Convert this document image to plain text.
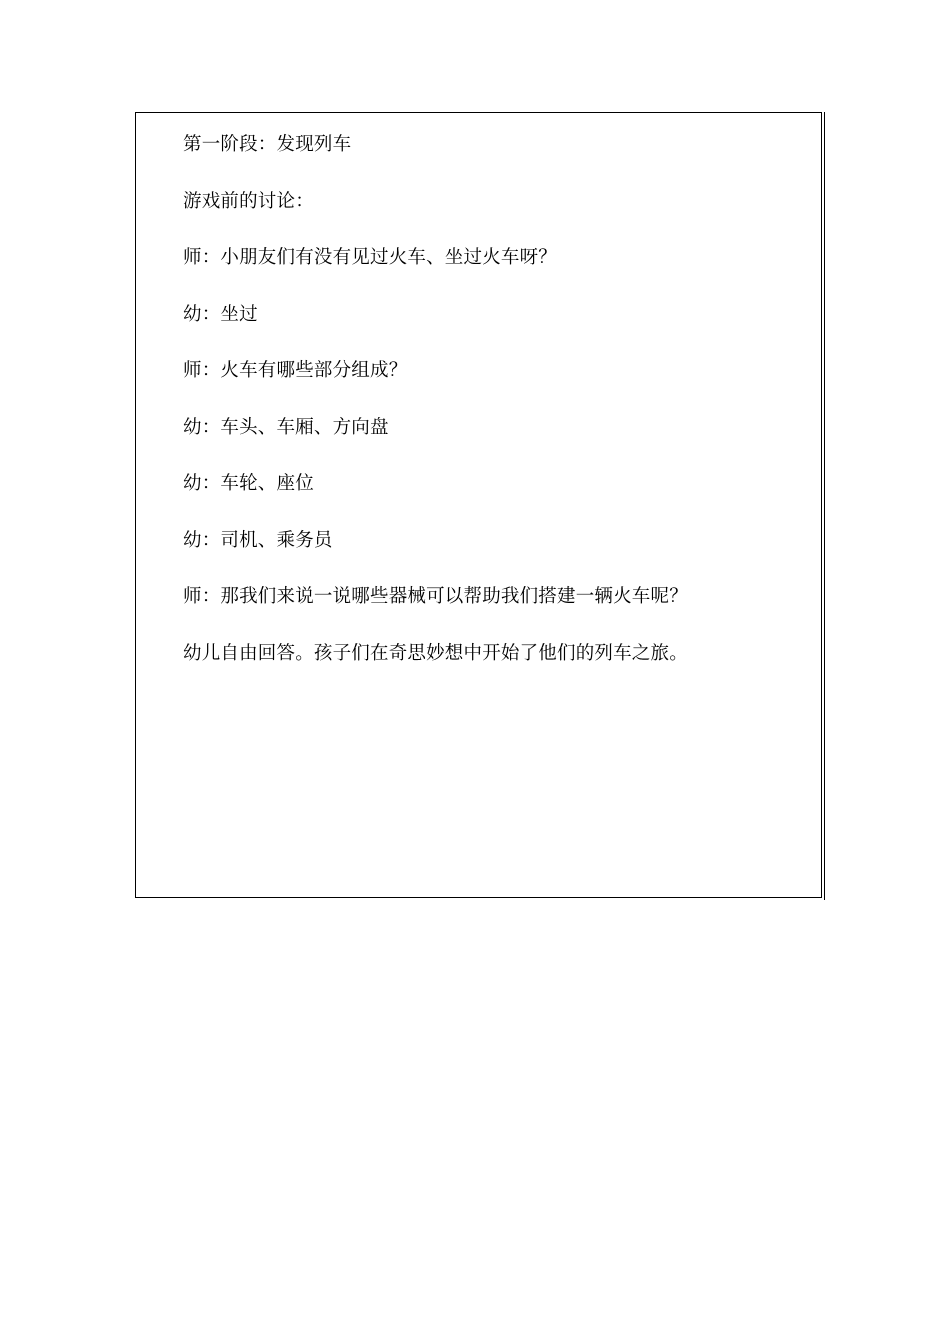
第一阶段：发现列车

游戏前的讨论：

师：小朋友们有没有见过火车、坐过火车呀？

幼：坐过

师：火车有哪些部分组成？

幼：车头、车厢、方向盘

幼：车轮、座位

幼：司机、乘务员

师：那我们来说一说哪些器械可以帮助我们搭建一辆火车呢？

幼儿自由回答。孩子们在奇思妙想中开始了他们的列车之旅。
